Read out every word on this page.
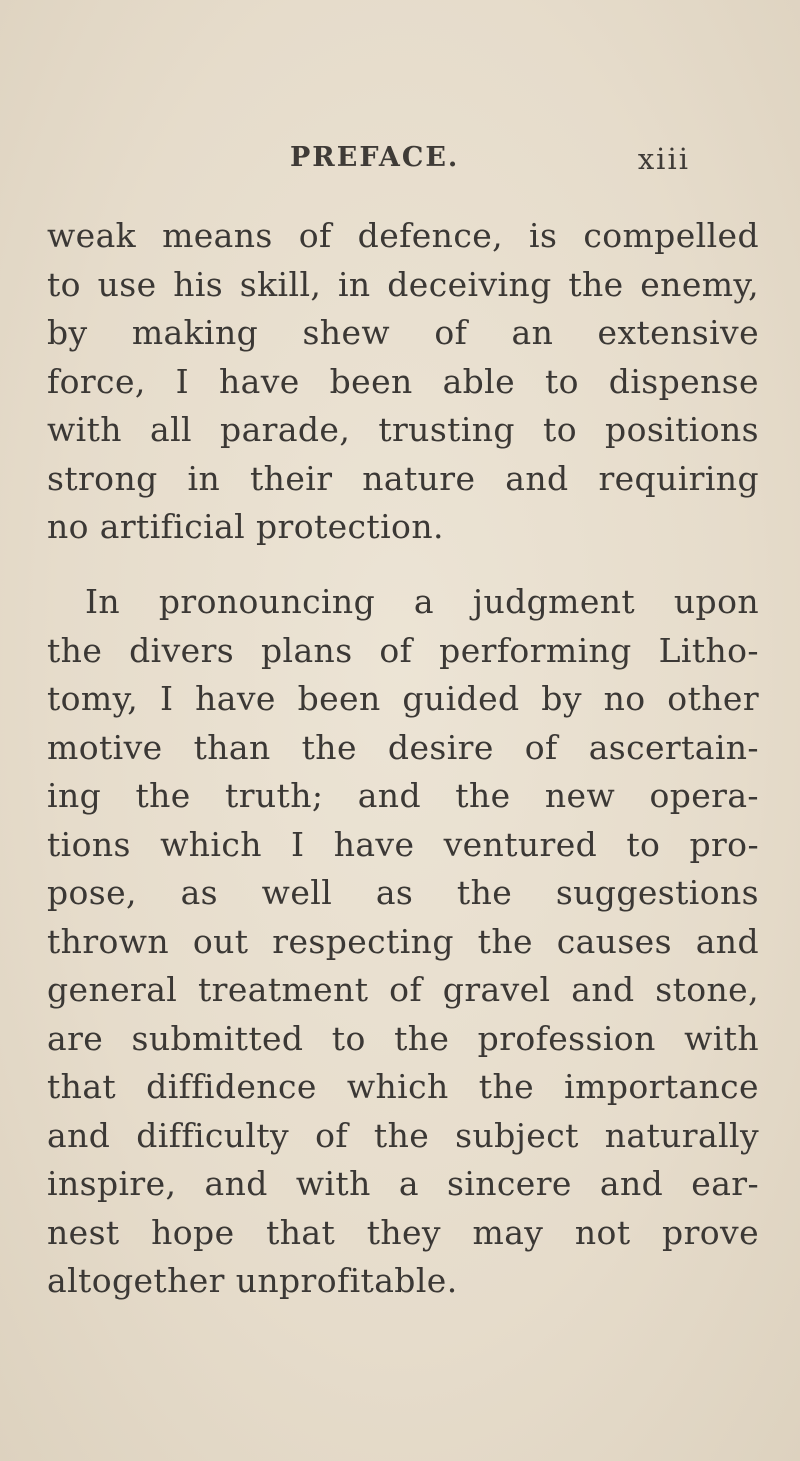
PREFACE.	xiii
weak means of defence, is compelled
to use his skill, in deceiving the enemy,
by making shew of an extensive
force, I have been able to dispense
with all parade, trusting to positions
strong in their nature and requiring
no artificial protection.
In pronouncing a judgment upon
the divers plans of performing Litho-
tomy, I have been guided by no other
motive than the desire of ascertain-
ing the truth; and the new opera-
tions which I have ventured to pro-
pose, as well as the suggestions
thrown out respecting the causes and
general treatment of gravel and stone,
are submitted to the profession with
that diffidence which the importance
and difficulty of the subject naturally
inspire, and with a sincere and ear-
nest hope that they may not prove
altogether unprofitable.
